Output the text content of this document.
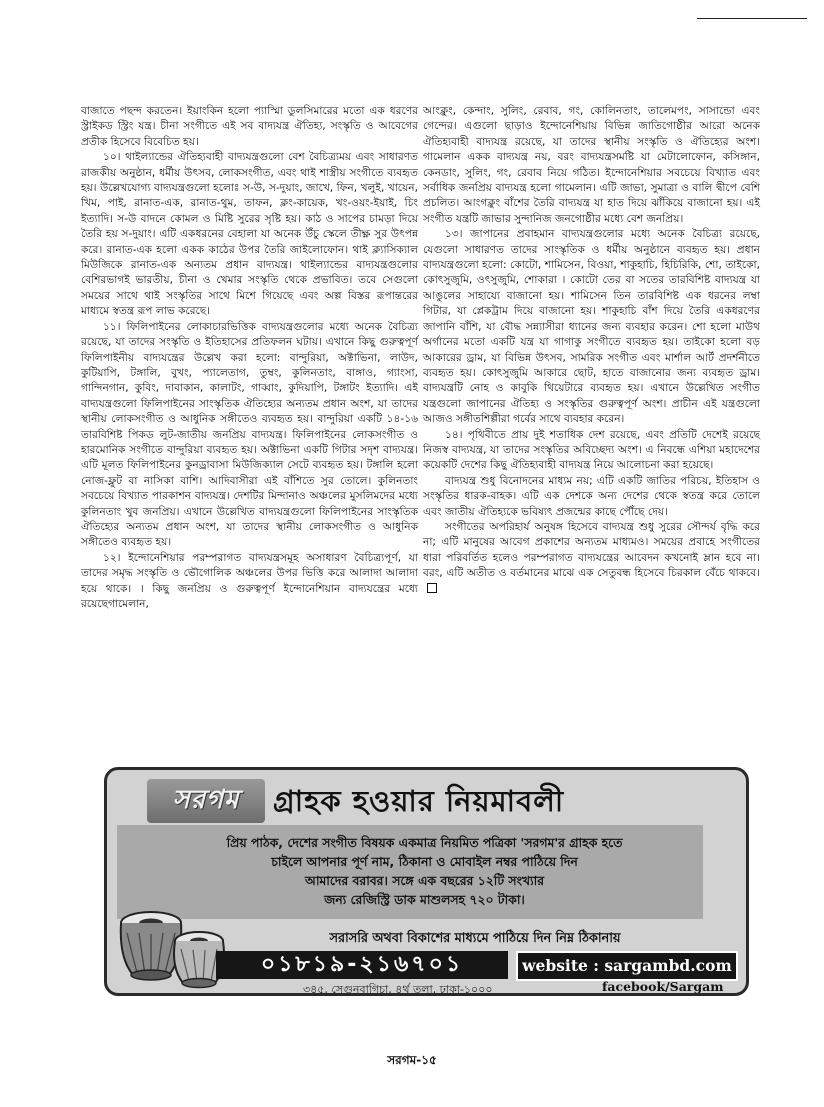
বাজাতে পছন্দ করতেন। ইয়াংকিন হলো প্যাস্মিা ডুলসিমারের মতো এক ধরণের স্ট্রাইকড স্ট্রিং যন্ত্র। চীনা সংগীতে এই সব বাদ্যযন্ত্র ঐতিহ্য, সংস্কৃতি ও আবেগের প্রতীক হিসেবে বিবেচিত হয়।

১০। থাইল্যান্ডের ঐতিহ্যবাহী বাদ্যযন্ত্রগুলো বেশ বৈচিত্র্যময় এবং সাধারণত রাজকীয় অনুষ্ঠান, ধর্মীয় উৎসব, লোকসংগীত, এবং থাই শাস্ত্রীয় সংগীতে ব্যবহৃত হয়। উল্লেখযোগ্য বাদ্যযন্ত্রগুলো হলোঃ স-উ, স-দুয়াং, জাখে, ফিন, খলুই, খায়েন, খিম, পাই, রানাত-এক, রানাত-থুম, তাফন, ক্লং-কায়েক, খং-ওয়ং-ইয়াই, চিং ইত্যাদি। স-উ বাদনে কোমল ও মিষ্টি সুরের সৃষ্টি হয়। কাঠ ও সাপের চামড়া দিয়ে তৈরি হয় স-দুয়াং। এটি একধরনের বেহালা যা অনেক উঁচু স্কেলে তীক্ষ্ণ সুর উৎপন্ন করে। রানাত-এক হলো একক কাঠের উপর তৈরি জাইলোফোন। থাই ক্ল্যাসিক্যাল মিউজিকে রানাত-এক অন্যতম প্রধান বাদ্যযন্ত্র। থাইল্যান্ডের বাদ্যযন্ত্রগুলোর বেশিরভাগই ভারতীয়, চীনা ও খেমার সংস্কৃতি থেকে প্রভাবিত। তবে সেগুলো সময়ের সাথে থাই সংস্কৃতির সাথে মিশে গিয়েছে এবং অল্প বিস্তর রূপান্তরের মাধ্যমে স্বতন্ত্র রূপ লাভ করেছে।

১১। ফিলিপাইনের লোকাচারভিত্তিক বাদ্যযন্ত্রগুলোর মধ্যে অনেক বৈচিত্র্য রয়েছে, যা তাদের সংস্কৃতি ও ইতিহাসের প্রতিফলন ঘটায়। এখানে কিছু গুরুত্বপূর্ণ ফিলিপাইনীয় বাদ্যযন্ত্রের উল্লেখ করা হলো: বান্দুরিয়া, অক্টাভিনা, লাউদ, কুটিয়াপি, টঙ্গালি, বুখং, প্যালেতাগ, তুম্বং, কুলিনতাং, বাঙ্গাও, গ্যাংসা, গান্দিনগান, কুবিং, দাবাকান, কালাটং, গাব্বাং, কুদিয়াপি, টঙ্গাটং ইত্যাদি। এই বাদ্যযন্ত্রগুলো ফিলিপাইনের সাংস্কৃতিক ঐতিহ্যের অন্যতম প্রধান অংশ, যা তাদের স্থানীয় লোকসংগীত ও আধুনিক সঙ্গীতেও ব্যবহৃত হয়। বান্দুরিয়া একটি ১৪-১৬ তারবিশিষ্ট পিকড লুট-জাতীয় জনপ্রিয় বাদ্যযন্ত্র। ফিলিপাইনের লোকসংগীত ও হারমোনিক সংগীতে বান্দুরিয়া ব্যবহৃত হয়। অক্টাভিনা একটি গিটার সদৃশ বাদ্যযন্ত্র। এটি মূলত ফিলিপাইনের কুনড্রাবাসা মিউজিক্যাল সেটে ব্যবহৃত হয়। টঙ্গালি হলো নোজ-ফ্লুট বা নাসিকা বাশি। আদিবাসীরা এই বাঁশিতে সুর তোলে। কুলিনতাং সবচেয়ে বিখ্যাত পারকাশন বাদ্যযন্ত্র। দেশটির মিন্দানাও অঞ্চলের মুসলিমদের মধ্যে কুলিনতাং খুব জনপ্রিয়। এখানে উল্লেখিত বাদ্যযন্ত্রগুলো ফিলিপাইনের সাংস্কৃতিক ঐতিহ্যের অন্যতম প্রধান অংশ, যা তাদের স্থানীয় লোকসংগীত ও আধুনিক সঙ্গীতেও ব্যবহৃত হয়।

১২। ইন্দোনেশিয়ার পরম্পরাগত বাদ্যযন্ত্রসমূহ অসাধারণ বৈচিত্র্যপূর্ণ, যা তাদের সমৃদ্ধ সংস্কৃতি ও ভৌগোলিক অঞ্চলের উপর ভিত্তি করে আলাদা আলাদা হয়ে থাকে। । কিছু জনপ্রিয় ও গুরুত্বপূর্ণ ইন্দোনেশিয়ান বাদ্যযন্ত্রের মধ্যে রয়েছেগামেলান,

আংক্লুং, কেন্দাং, সুলিং, রেবাব, গং, কোলিনতাং, তালেমপং, সাসান্ডো এবং গেন্দের। এগুলো ছাড়াও ইন্দোনেশিয়ায় বিভিন্ন জাতিগোষ্ঠীর আরো অনেক ঐতিহ্যবাহী বাদ্যযন্ত্র রয়েছে, যা তাদের স্থানীয় সংস্কৃতি ও ঐতিহ্যের অংশ। গামেলান একক বাদ্যযন্ত্র নয়, বরং বাদ্যযন্ত্রসমষ্টি যা মেটালোফোন, কসিঙ্গান, কেনডাং, সুলিং, গং, রেবাব নিয়ে গঠিত। ইন্দোনেশিয়ার সবচেয়ে বিখ্যাত এবং সর্বাধিক জনপ্রিয় বাদ্যযন্ত্র হলো গামেলান। এটি জাভা, সুমাত্রা ও বালি দ্বীপে বেশি প্রচলিত। আংগক্লুং বাঁশের তৈরি বাদ্যযন্ত্র যা হাত দিয়ে ঝাঁকিয়ে বাজানো হয়। এই সংগীত যন্ত্রটি জাভার সুন্দানিজ জনগোষ্ঠীর মধ্যে বেশ জনপ্রিয়।

১৩। জাপানের প্রবাহমান বাদ্যযন্ত্রগুলোর মধ্যে অনেক বৈচিত্র্য রয়েছে, যেগুলো সাধারণত তাদের সাংস্কৃতিক ও ধর্মীয় অনুষ্ঠানে ব্যবহৃত হয়। প্রধান বাদ্যযন্ত্রগুলো হলো: কোটো, শামিসেন, বিওয়া, শাকুহাচি, হিচিরিকি, শো, তাইকো, কোৎসুজুমি, ওৎসুজুমি, শোকারা । কোটো তের বা সতের তারবিশিষ্ট বাদ্যযন্ত্র যা আঙুলের সাহায্যে বাজানো হয়। শামিসেন তিন তারবিশিষ্ট এক ধরনের লম্বা গিটার, যা প্লেকট্রাম দিয়ে বাজানো হয়। শাকুহাচি বাঁশ দিয়ে তৈরি একধরণের জাপানি বাঁশি, যা বৌদ্ধ সন্ন্যাসীরা ধ্যানের জন্য ব্যবহার করেন। শো হলো মাউথ অর্গানের মতো একটি যন্ত্র যা গাগাকু সংগীতে ব্যবহৃত হয়। তাইকো হলো বড় আকারের ড্রাম, যা বিভিন্ন উৎসব, সামরিক সংগীত এবং মার্শাল আর্ট প্রদর্শনীতে ব্যবহৃত হয়। কোৎসুজুমি আকারে ছোট, হাতে বাজানোর জন্য ব্যবহৃত ড্রাম। বাদ্যযন্ত্রটি নোহ ও কাবুকি থিয়েটারে ব্যবহৃত হয়। এখানে উল্লেখিত সংগীত যন্ত্রগুলো জাপানের ঐতিহ্য ও সংস্কৃতির গুরুত্বপূর্ণ অংশ। প্রাচীন এই যন্ত্রগুলো আজও সঙ্গীতশিল্পীরা গর্বের সাথে ব্যবহার করেন।

১৪। পৃথিবীতে প্রায় দুই শতাধিক দেশ রয়েছে, এবং প্রতিটি দেশেই রয়েছে নিজস্ব বাদ্যযন্ত্র, যা তাদের সংস্কৃতির অবিচ্ছেদ্য অংশ। এ নিবন্ধে এশিয়া মহাদেশের কয়েকটি দেশের কিছু ঐতিহ্যবাহী বাদ্যযন্ত্র নিয়ে আলোচনা করা হয়েছে।

বাদ্যযন্ত্র শুধু বিনোদনের মাধ্যম নয়; এটি একটি জাতির পরিচয়, ইতিহাস ও সংস্কৃতির ধারক-বাহক। এটি এক দেশকে অন্য দেশের থেকে স্বতন্ত্র করে তোলে এবং জাতীয় ঐতিহ্যকে ভবিষ্যৎ প্রজন্মের কাছে পৌঁছে দেয়।

সংগীতের অপরিহার্য অনুষঙ্গ হিসেবে বাদ্যযন্ত্র শুধু সুরের সৌন্দর্য বৃদ্ধি করে না; এটি মানুষের আবেগ প্রকাশের অন্যতম মাধ্যমও। সময়ের প্রবাহে সংগীতের ধারা পরিবর্তিত হলেও পরম্পরাগত বাদ্যযন্ত্রের আবেদন কখনোই ম্লান হবে না। বরং, এটি অতীত ও বর্তমানের মাঝে এক সেতুবন্ধ হিসেবে চিরকাল বেঁচে থাকবে।

সরগম	গ্রাহক হওয়ার নিয়মাবলী
প্রিয় পাঠক, দেশের সংগীত বিষয়ক একমাত্র নিয়মিত পত্রিকা 'সরগম'র গ্রাহক হতে
চাইলে আপনার পূর্ণ নাম, ঠিকানা ও মোবাইল নম্বর পাঠিয়ে দিন
আমাদের বরাবর। সঙ্গে এক বছরের ১২টি সংখ্যার
জন্য রেজিস্ট্রি ডাক মাশুলসহ ৭২০ টাকা।
সরাসরি অথবা বিকাশের মাধ্যমে পাঠিয়ে দিন নিম্ন ঠিকানায়
০১৮১৯-২১৬৭০১	website : sargambd.com
৩৪৫, সেগুনবাগিচা, ৪র্থ তলা, ঢাকা-১০০০	facebook/Sargam
সরগম-১৫
